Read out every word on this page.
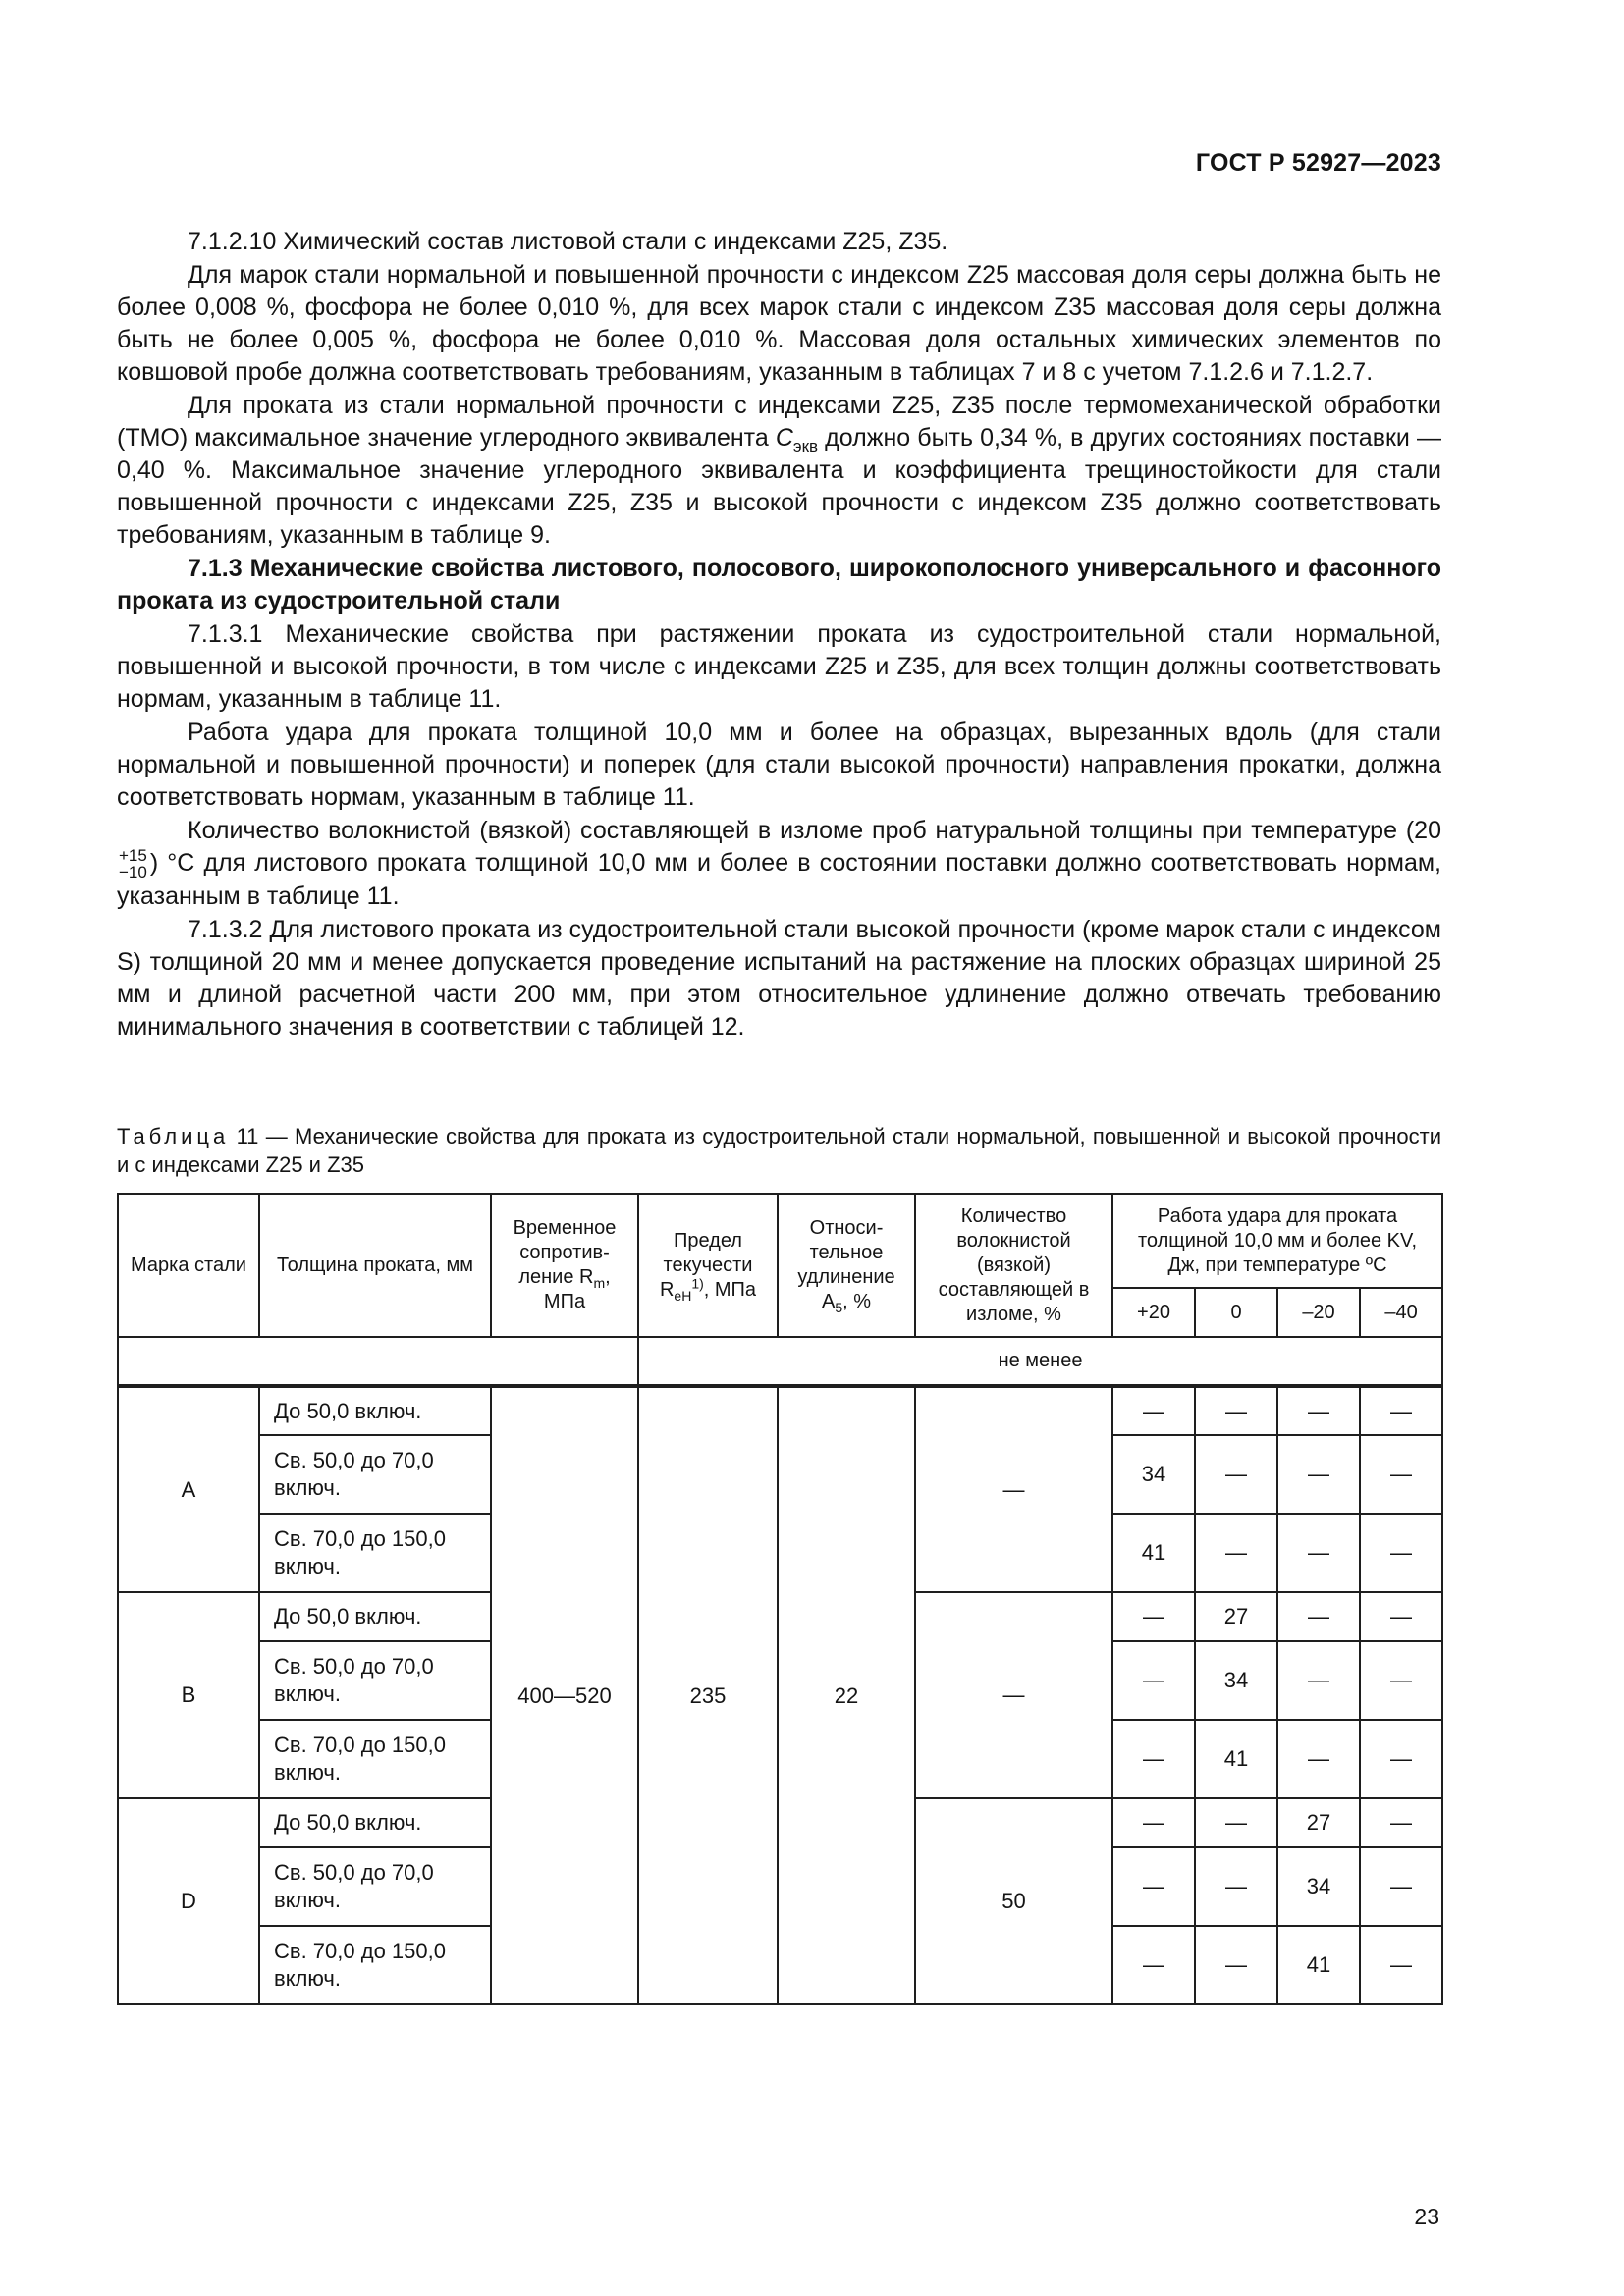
ГОСТ Р 52927—2023

7.1.2.10 Химический состав листовой стали с индексами Z25, Z35.

Для марок стали нормальной и повышенной прочности с индексом Z25 массовая доля серы должна быть не более 0,008 %, фосфора не более 0,010 %, для всех марок стали с индексом Z35 массовая доля серы должна быть не более 0,005 %, фосфора не более 0,010 %. Массовая доля остальных химических элементов по ковшовой пробе должна соответствовать требованиям, указанным в таблицах 7 и 8 с учетом 7.1.2.6 и 7.1.2.7.

Для проката из стали нормальной прочности с индексами Z25, Z35 после термомеханической обработки (ТМО) максимальное значение углеродного эквивалента $C_{экв}$ должно быть 0,34 %, в других состояниях поставки — 0,40 %. Максимальное значение углеродного эквивалента и коэффициента трещиностойкости для стали повышенной прочности с индексами Z25, Z35 и высокой прочности с индексом Z35 должно соответствовать требованиям, указанным в таблице 9.

7.1.3 Механические свойства листового, полосового, широкополосного универсального и фасонного проката из судостроительной стали

7.1.3.1 Механические свойства при растяжении проката из судостроительной стали нормальной, повышенной и высокой прочности, в том числе с индексами Z25 и Z35, для всех толщин должны соответствовать нормам, указанным в таблице 11.

Работа удара для проката толщиной 10,0 мм и более на образцах, вырезанных вдоль (для стали нормальной и повышенной прочности) и поперек (для стали высокой прочности) направления прокатки, должна соответствовать нормам, указанным в таблице 11.

Количество волокнистой (вязкой) составляющей в изломе проб натуральной толщины при температуре (20
+15
−10 ) °С для листового проката толщиной 10,0 мм и более в состоянии поставки должно соответствовать нормам, указанным в таблице 11.

7.1.3.2 Для листового проката из судостроительной стали высокой прочности (кроме марок стали с индексом S) толщиной 20 мм и менее допускается проведение испытаний на растяжение на плоских образцах шириной 25 мм и длиной расчетной части 200 мм, при этом относительное удлинение должно отвечать требованию минимального значения в соответствии с таблицей 12.

Таблица 11 — Механические свойства для проката из судостроительной стали нормальной, повышенной и высокой прочности и с индексами Z25 и Z35
Марка стали	Толщина проката, мм	Временное сопротив-ление $R_m$, МПа	Предел текучести $R_{eH}^{1)}$, МПа	Относи-тельное удлинение $A_5$, %	Количество волокнистой (вязкой) составляющей в изломе, %	Работа удара для проката толщиной 10,0 мм и более KV, Дж, при температуре ºС			
						+20	0	–20	–40
			не менее						
A	До 50,0 включ.	400—520	235	22	—	—	—	—	—
	Св. 50,0 до 70,0 включ.					34	—	—	—
	Св. 70,0 до 150,0 включ.					41	—	—	—
B	До 50,0 включ.				—	—	27	—	—
	Св. 50,0 до 70,0 включ.					—	34	—	—
	Св. 70,0 до 150,0 включ.					—	41	—	—
D	До 50,0 включ.				50	—	—	27	—
	Св. 50,0 до 70,0 включ.					—	—	34	—
	Св. 70,0 до 150,0 включ.					—	—	41	—
23
